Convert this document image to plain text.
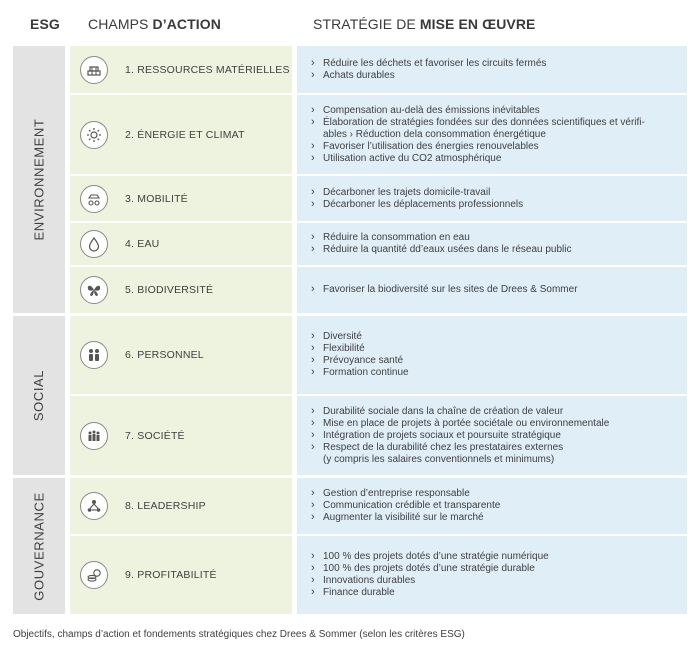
ESG CHAMPS D’ACTION	STRATÉGIE DE MISE EN ŒUVRE
ENVIRONNEMENT
SOCIAL
GOUVERNANCE
1. RESSOURCES MATÉRIELLES
› Réduire les déchets et favoriser les circuits fermés
› Achats durables
2. ÉNERGIE ET CLIMAT
› Compensation au-delà des émissions inévitables
› Élaboration de stratégies fondées sur des données scientifiques et vérifi-
ables › Réduction dela consommation énergétique
› Favoriser l’utilisation des énergies renouvelables
› Utilisation active du CO2 atmosphérique
3. MOBILITÉ
› Décarboner les trajets domicile-travail
› Décarboner les déplacements professionnels
4. EAU
› Réduire la consommation en eau
› Réduire la quantité dd’eaux usées dans le réseau public
5. BIODIVERSITÉ
›	Favoriser la biodiversité sur les sites de Drees & Sommer
6. PERSONNEL
› Diversité
› Flexibilité
› Prévoyance santé
› Formation continue
7. SOCIÉTÉ
› Durabilité sociale dans la chaîne de création de valeur
› Mise en place de projets à portée sociétale ou environnementale
› Intégration de projets sociaux et poursuite stratégique
› Respect de la durabilité chez les prestataires externes
(y compris les salaires conventionnels et minimums)
8. LEADERSHIP
› Gestion d’entreprise responsable
› Communication crédible et transparente
› Augmenter la visibilité sur le marché
9. PROFITABILITÉ
› 100 % des projets dotés d’une stratégie numérique
› 100 % des projets dotés d’une stratégie durable
› Innovations durables
› Finance durable
Objectifs, champs d’action et fondements stratégiques chez Drees & Sommer (selon les critères ESG)
